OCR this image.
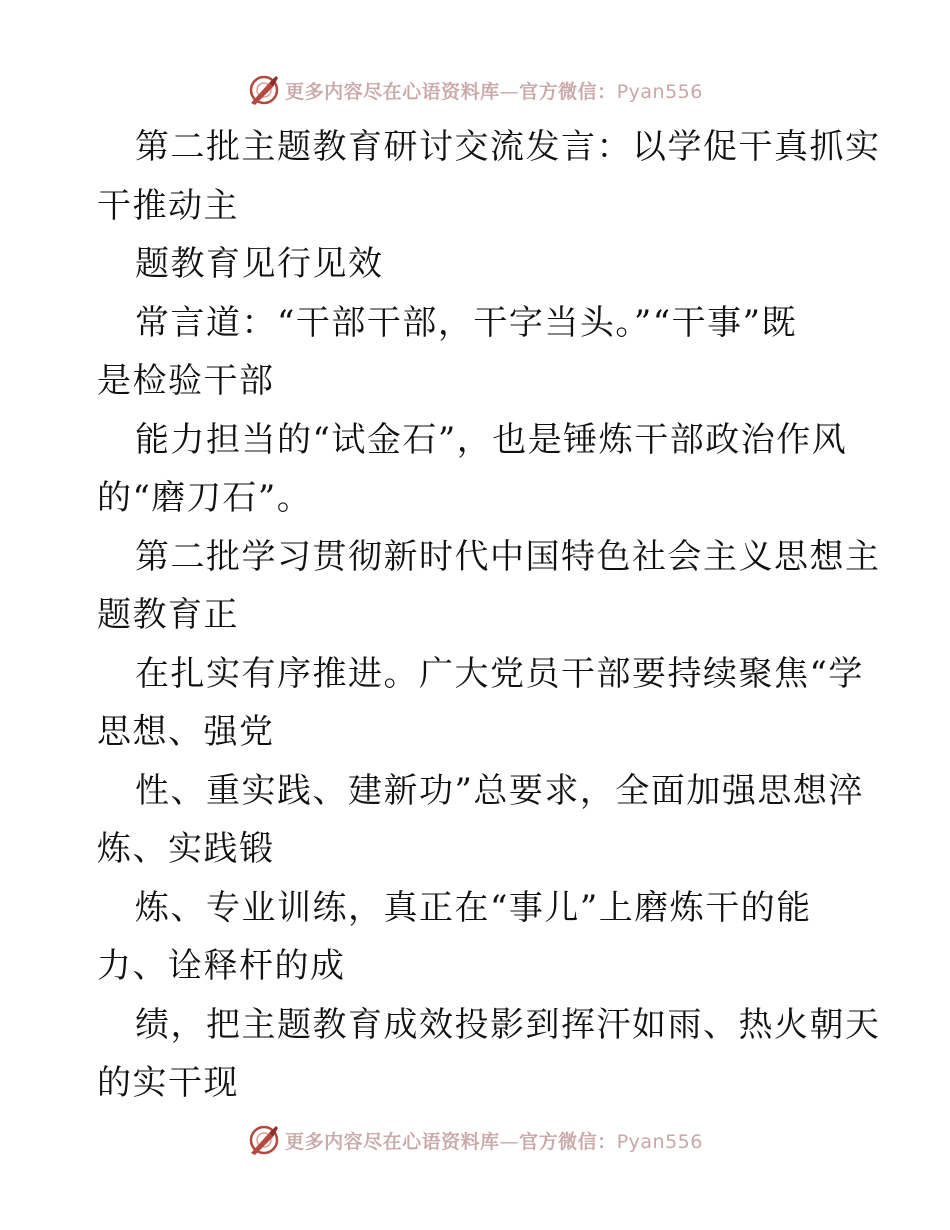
更多内容尽在心语资料库—官方微信：Pyan556
第二批主题教育研讨交流发言：以学促干真抓实
干推动主
题教育见行见效
常言道：“干部干部，干字当头。”“干事”既
是检验干部
能力担当的“试金石”，也是锤炼干部政治作风
的“磨刀石”。
第二批学习贯彻新时代中国特色社会主义思想主
题教育正
在扎实有序推进。广大党员干部要持续聚焦“学
思想、强党
性、重实践、建新功”总要求，全面加强思想淬
炼、实践锻
炼、专业训练，真正在“事儿”上磨炼干的能
力、诠释杆的成
绩，把主题教育成效投影到挥汗如雨、热火朝天
的实干现
更多内容尽在心语资料库—官方微信：Pyan556
